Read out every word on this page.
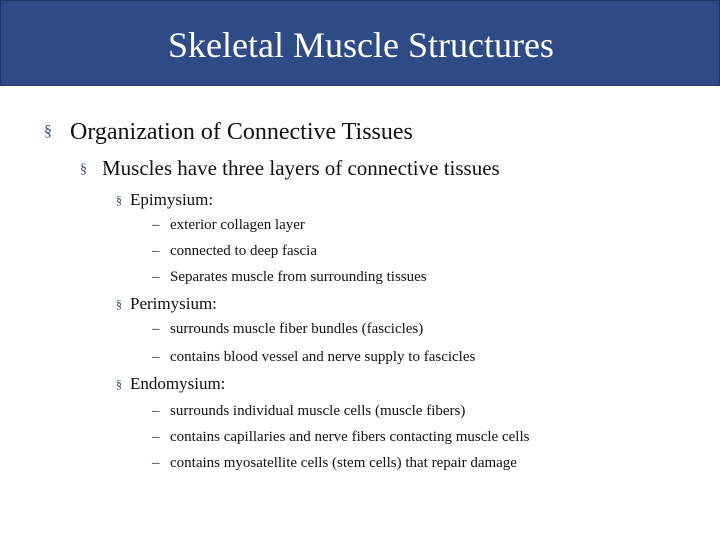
Skeletal Muscle Structures
§ Organization of Connective Tissues
§ Muscles have three layers of connective tissues
§ Epimysium:
– exterior collagen layer
– connected to deep fascia
– Separates muscle from surrounding tissues
§ Perimysium:
– surrounds muscle fiber bundles (fascicles)
– contains blood vessel and nerve supply to fascicles
§ Endomysium:
– surrounds individual muscle cells (muscle fibers)
– contains capillaries and nerve fibers contacting muscle cells
– contains myosatellite cells (stem cells) that repair damage
